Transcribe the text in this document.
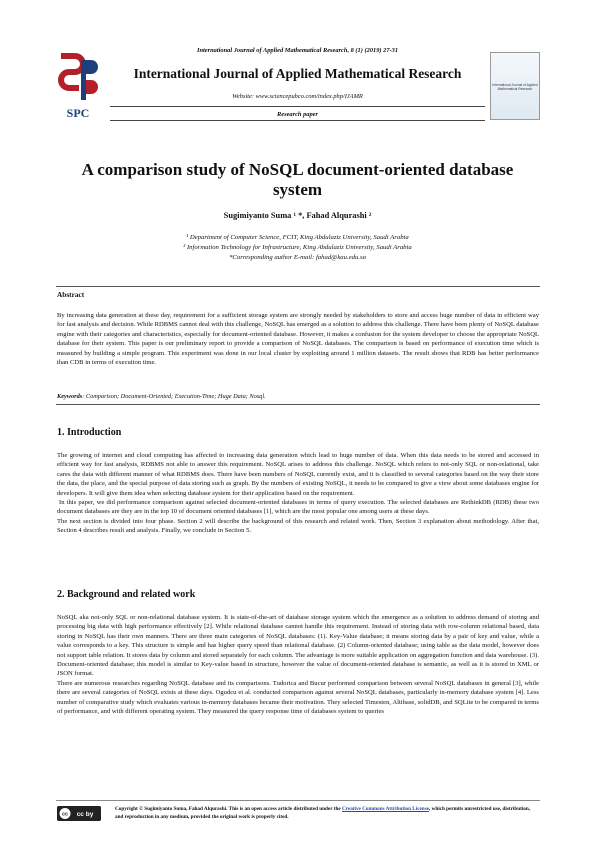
SPC
International Journal of Applied Mathematical Research
International Journal of Applied Mathematical Research, 8 (1) (2019) 27-31
International Journal of Applied Mathematical Research
Website: www.sciencepubco.com/index.php/IJAMR
Research paper
A comparison study of NoSQL document-oriented database system
Sugimiyanto Suma ¹ *, Fahad Alqurashi ²
¹ Department of Computer Science, FCIT, King Abdulaziz University, Saudi Arabia
² Information Technology for Infrastructure, King Abdulaziz University, Saudi Arabia
*Corresponding author E-mail: fahad@kau.edu.sa
Abstract
By increasing data generation at these day, requirement for a sufficient storage system are strongly needed by stakeholders to store and access huge number of data in efficient way for fast analysis and decision. While RDBMS cannot deal with this challenge, NoSQL has emerged as a solution to address this challenge. There have been plenty of NoSQL database engine with their categories and characteristics, especially for document-oriented database. However, it makes a confusion for the system developer to choose the appropriate NoSQL database for their system. This paper is our preliminary report to provide a comparison of NoSQL databases. The comparison is based on performance of execution time which is measured by building a simple program. This experiment was done in our local cluster by exploiting around 1 million datasets. The result shows that RDB has better performance than CDB in terms of execution time.
Keywords: Comparison; Document-Oriented; Execution-Time; Huge Data; Nosql.
1. Introduction

The growing of internet and cloud computing has affected to increasing data generation which lead to huge number of data. When this data needs to be stored and accessed in efficient way for fast analysis, RDBMS not able to answer this requirement. NoSQL arises to address this challenge. NoSQL which refers to not-only SQL or non-relational, take cares the data with different manner of what RDBMS does. There have been numbers of NoSQL currently exist, and it is classified to several categories based on the way their store the data, the place, and the special purpose of data storing such as graph. By the numbers of existing NoSQL, it needs to be compared to give a view about some databases engine for developers. It will give them idea when selecting database system for their application based on the requirement.

In this paper, we did performance comparison against selected document-oriented databases in terms of query execution. The selected databases are RethinkDB (RDB) these two document databases are they are in the top 10 of document oriented databases [1], which are the most popular one among users at these days.

The next section is divided into four phase. Section 2 will describe the background of this research and related work. Then, Section 3 explanation about methodology. After that, Section 4 describes result and analysis. Finally, we conclude in Section 5.

2. Background and related work

NoSQL aka not-only SQL or non-relational database system. It is state-of-the-art of database storage system which the emergence as a solution to address demand of storing and processing big data with high performance effectively [2]. While relational database cannot handle this requirement. Instead of storing data with row-column relational based, data storing in NoSQL has their own manners. There are three main categories of NoSQL databases: (1). Key-Value database; it means storing data by a pair of key and value, while a value corresponds to a key. This structure is simple and has higher query speed than relational database. (2) Column-oriented database; using table as the data model, however does not support table relation. It stores data by column and stored separately for each column. The advantage is more suitable application on aggregation function and data warehouse. (3). Document-oriented database; this model is similar to Key-value based in structure, however the value of document-oriented database is semantic, as well as it is stored in XML or JSON format.

There are numerous researches regarding NoSQL database and its comparisons. Tudorica and Bucur performed comparison between several NoSQL databases in general [3], while there are several categories of NoSQL exists at these days. Ogudcu et al. conducted comparison against several NoSQL databases, particularly in-memory database system [4]. Less number of comparative study which evaluates various in-memory databases became their motivation. They selected Timesten, Altibase, solidDB, and SQLite to be compared in terms of performance, and with different operating system. They measured the query response time of databases system to queries

cc cc by
Copyright © Sugimiyanto Suma, Fahad Alqurashi. This is an open access article distributed under the Creative Commons Attribution License, which permits unrestricted use, distribution, and reproduction in any medium, provided the original work is properly cited.
